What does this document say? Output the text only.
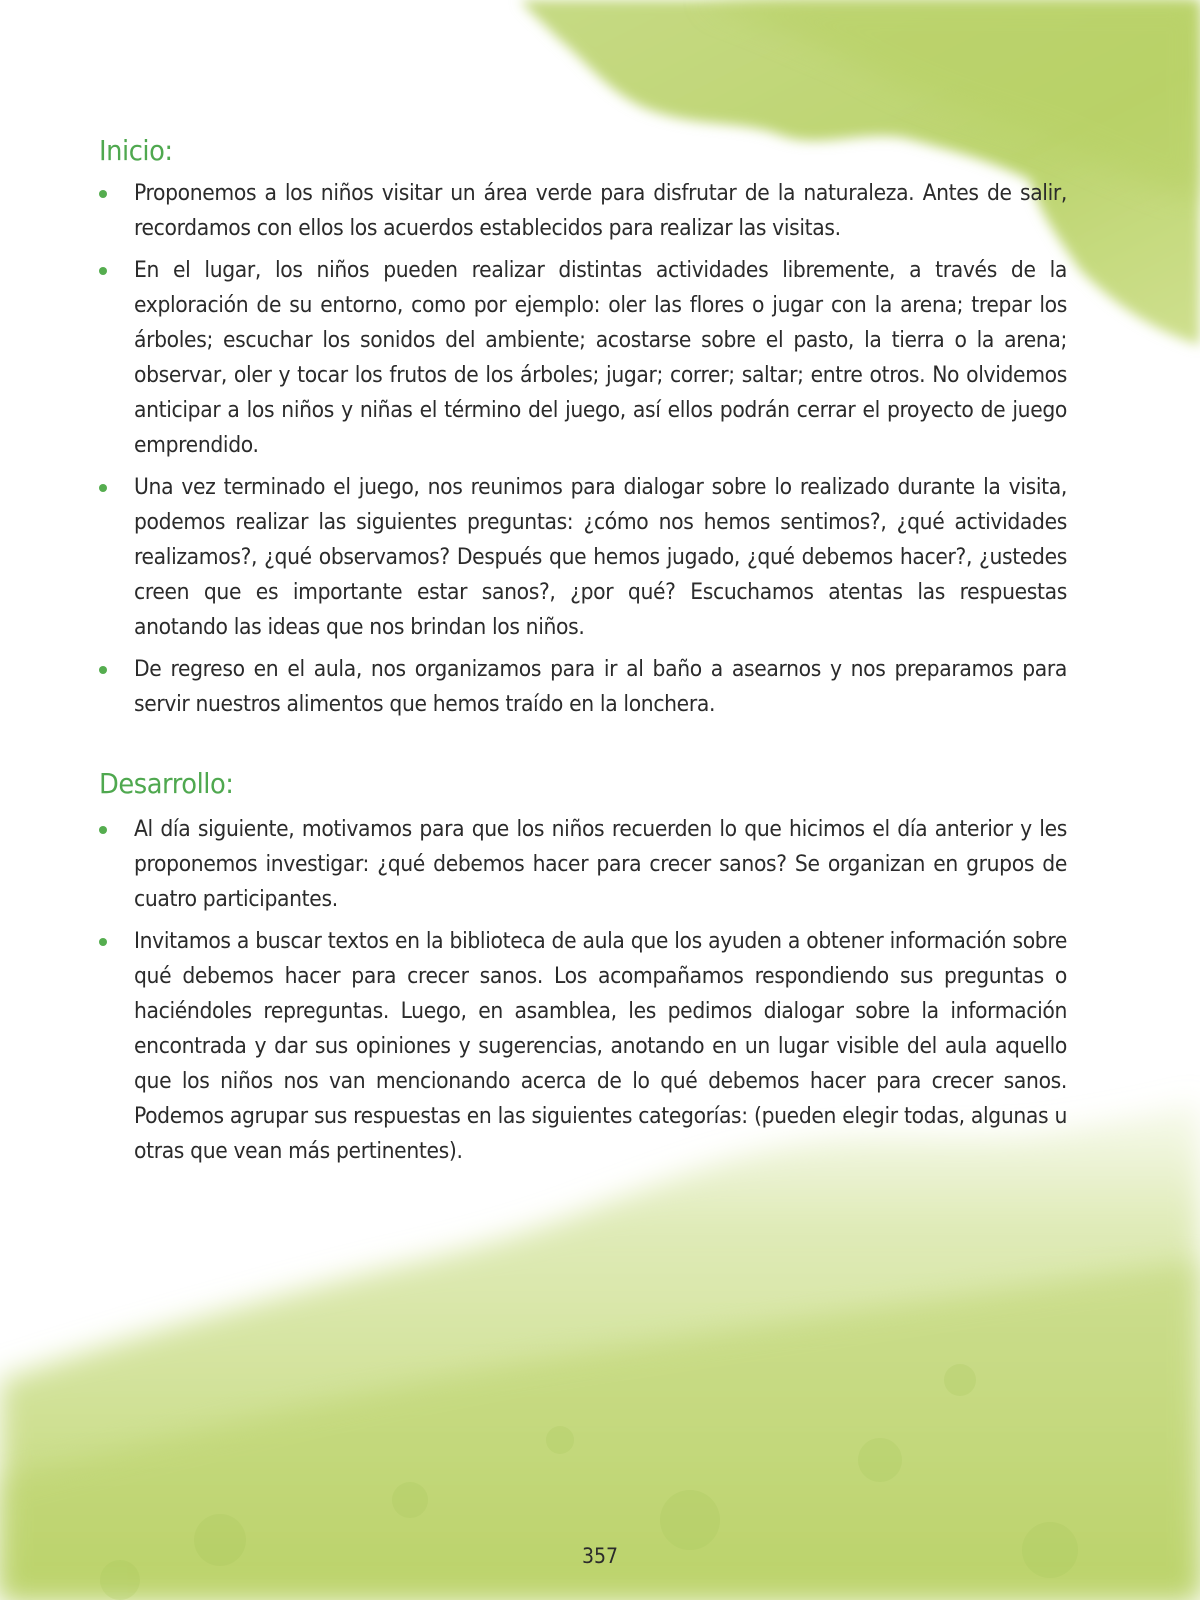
Inicio:
Proponemos a los niños visitar un área verde para disfrutar de la naturaleza. Antes de salir, recordamos con ellos los acuerdos establecidos para realizar las visitas.
En el lugar, los niños pueden realizar distintas actividades libremente, a través de la exploración de su entorno, como por ejemplo: oler las flores o jugar con la arena; trepar los árboles; escuchar los sonidos del ambiente; acostarse sobre el pasto, la tierra o la arena; observar, oler y tocar los frutos de los árboles; jugar; correr; saltar; entre otros. No olvidemos anticipar a los niños y niñas el término del juego, así ellos podrán cerrar el proyecto de juego emprendido.
Una vez terminado el juego, nos reunimos para dialogar sobre lo realizado durante la visita, podemos realizar las siguientes preguntas: ¿cómo nos hemos sentimos?, ¿qué actividades realizamos?, ¿qué observamos? Después que hemos jugado, ¿qué debemos hacer?, ¿ustedes creen que es importante estar sanos?, ¿por qué? Escuchamos atentas las respuestas anotando las ideas que nos brindan los niños.
De regreso en el aula, nos organizamos para ir al baño a asearnos y nos preparamos para servir nuestros alimentos que hemos traído en la lonchera.
Desarrollo:
Al día siguiente, motivamos para que los niños recuerden lo que hicimos el día anterior y les proponemos investigar: ¿qué debemos hacer para crecer sanos? Se organizan en grupos de cuatro participantes.
Invitamos a buscar textos en la biblioteca de aula que los ayuden a obtener información sobre qué debemos hacer para crecer sanos. Los acompañamos respondiendo sus preguntas o haciéndoles repreguntas. Luego, en asamblea, les pedimos dialogar sobre la información encontrada y dar sus opiniones y sugerencias, anotando en un lugar visible del aula aquello que los niños nos van mencionando acerca de lo qué debemos hacer para crecer sanos. Podemos agrupar sus respuestas en las siguientes categorías: (pueden elegir todas, algunas u otras que vean más pertinentes).
357
